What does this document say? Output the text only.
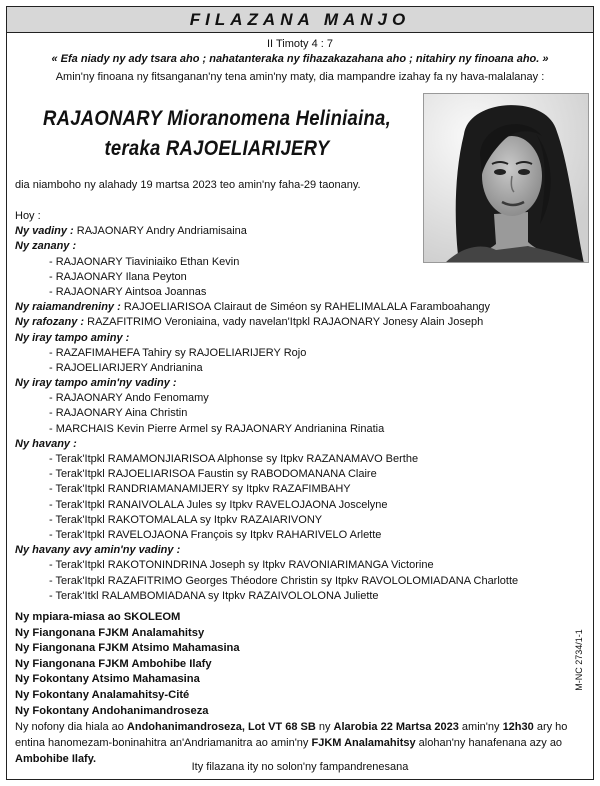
FILAZANA MANJO
II Timoty 4 : 7
« Efa niady ny ady tsara aho ; nahatanteraka ny fihazakazahana aho ; nitahiry ny finoana aho. »
Amin'ny finoana ny fitsanganan'ny tena amin'ny maty, dia mampandre izahay fa ny hava-malalanay :
RAJAONARY Mioranomena Heliniaina,
teraka RAJOELIARIJERY
dia niamboho ny alahady 19 martsa 2023 teo amin'ny faha-29 taonany.
Hoy :
Ny vadiny : RAJAONARY Andry Andriamisaina
Ny zanany :
- RAJAONARY Tiaviniaiko Ethan Kevin
- RAJAONARY Ilana Peyton
- RAJAONARY Aintsoa Joannas
Ny raiamandreniny : RAJOELIARISOA Clairaut de Siméon sy RAHELIMALALA Faramboahangy
Ny rafozany : RAZAFITRIMO Veroniaina, vady navelan'Itpkl RAJAONARY Jonesy Alain Joseph
Ny iray tampo aminy :
- RAZAFIMAHEFA Tahiry sy RAJOELIARIJERY Rojo
- RAJOELIARIJERY Andrianina
Ny iray tampo amin'ny vadiny :
- RAJAONARY Ando Fenomamy
- RAJAONARY Aina Christin
- MARCHAIS Kevin Pierre Armel sy RAJAONARY Andrianina Rinatia
Ny havany :
- Terak'Itpkl RAMAMONJIARISOA Alphonse sy Itpkv RAZANAMAVO Berthe
- Terak'Itpkl RAJOELIARISOA Faustin sy RABODOMANANA Claire
- Terak'Itpkl RANDRIAMANAMIJERY sy Itpkv RAZAFIMBAHY
- Terak'Itpkl RANAIVOLALA Jules sy Itpkv RAVELOJAONA Joscelyne
- Terak'Itpkl RAKOTOMALALA sy Itpkv RAZAIARIVONY
- Terak'Itpkl RAVELOJAONA François sy Itpkv RAHARIVELO Arlette
Ny havany avy amin'ny vadiny :
- Terak'Itpkl RAKOTONINDRINA Joseph sy Itpkv RAVONIARIMANGA Victorine
- Terak'Itpkl RAZAFITRIMO Georges Théodore Christin sy Itpkv RAVOLOLOMIADANA Charlotte
- Terak'Itkl RALAMBOMIADANA sy Itpkv RAZAIVOLOLONA Juliette
Ny mpiara-miasa ao SKOLEOM
Ny Fiangonana FJKM Analamahitsy
Ny Fiangonana FJKM Atsimo Mahamasina
Ny Fiangonana FJKM Ambohibe Ilafy
Ny Fokontany Atsimo Mahamasina
Ny Fokontany Analamahitsy-Cité
Ny Fokontany Andohanimandroseza
M-NC 2734/1-1
Ny nofony dia hiala ao Andohanimandroseza, Lot VT 68 SB ny Alarobia 22 Martsa 2023 amin'ny 12h30 ary ho entina hanomezam-boninahitra an'Andriamanitra ao amin'ny FJKM Analamahitsy alohan'ny hanafenana azy ao Ambohibe Ilafy.
Ity filazana ity no solon'ny fampandrenesana
